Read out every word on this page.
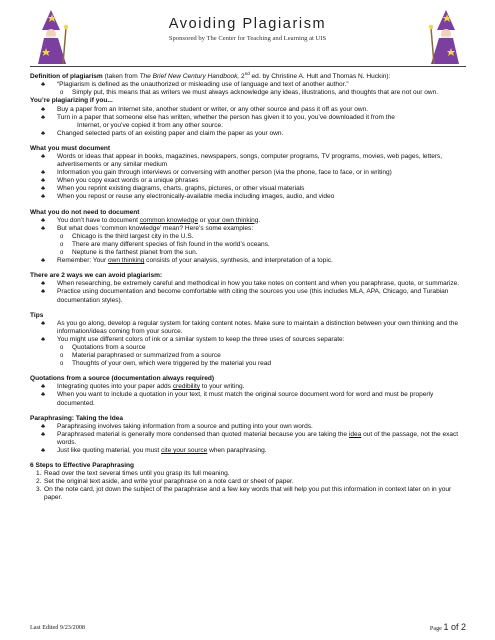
Avoiding Plagiarism
Sponsored by The Center for Teaching and Learning at UIS
Definition of plagiarism (taken from The Brief New Century Handbook, 2nd ed. by Christine A. Hult and Thomas N. Huckin):
♣ “Plagiarism is defined as the unauthorized or misleading use of language and text of another author.”
o Simply put, this means that as writers we must always acknowledge any ideas, illustrations, and thoughts that are not our own.
You’re plagiarizing if you...
♣ Buy a paper from an Internet site, another student or writer, or any other source and pass it off as your own.
♣ Turn in a paper that someone else has written, whether the person has given it to you, you’ve downloaded it from the
Internet, or you’ve copied it from any other source.
♣ Changed selected parts of an existing paper and claim the paper as your own.
What you must document
♣ Words or ideas that appear in books, magazines, newspapers, songs, computer programs, TV programs, movies, web pages, letters, advertisements or any similar medium
♣ Information you gain through interviews or conversing with another person (via the phone, face to face, or in writing)
♣ When you copy exact words or a unique phrases
♣ When you reprint existing diagrams, charts, graphs, pictures, or other visual materials
♣ When you repost or reuse any electronically-available media including images, audio, and video
What you do not need to document
♣ You don’t have to document common knowledge or your own thinking.
♣ But what does ‘common knowledge’ mean? Here’s some examples:
o Chicago is the third largest city in the U.S.
o There are many different species of fish found in the world’s oceans.
o Neptune is the farthest planet from the sun.
♣ Remember: Your own thinking consists of your analysis, synthesis, and interpretation of a topic.
There are 2 ways we can avoid plagiarism:
♣ When researching, be extremely careful and methodical in how you take notes on content and when you paraphrase, quote, or summarize.
♣ Practice using documentation and become comfortable with citing the sources you use (this includes MLA, APA, Chicago, and Turabian documentation styles).
Tips
♣ As you go along, develop a regular system for taking content notes. Make sure to maintain a distinction between your own thinking and the information/ideas coming from your source.
♣ You might use different colors of ink or a similar system to keep the three uses of sources separate:
o Quotations from a source
o Material paraphrased or summarized from a source
o Thoughts of your own, which were triggered by the material you read
Quotations from a source (documentation always required)
♣ Integrating quotes into your paper adds credibility to your writing.
♣ When you want to include a quotation in your text, it must match the original source document word for word and must be properly documented.
Paraphrasing: Taking the Idea
♣ Paraphrasing involves taking information from a source and putting into your own words.
♣ Paraphrased material is generally more condensed than quoted material because you are taking the idea out of the passage, not the exact words.
♣ Just like quoting material, you must cite your source when paraphrasing.
6 Steps to Effective Paraphrasing
1. Read over the text several times until you grasp its full meaning.
2. Set the original text aside, and write your paraphrase on a note card or sheet of paper.
3. On the note card, jot down the subject of the paraphrase and a few key words that will help you put this information in context later on in your paper.
Last Edited 9/23/2008	Page 1 of 2
